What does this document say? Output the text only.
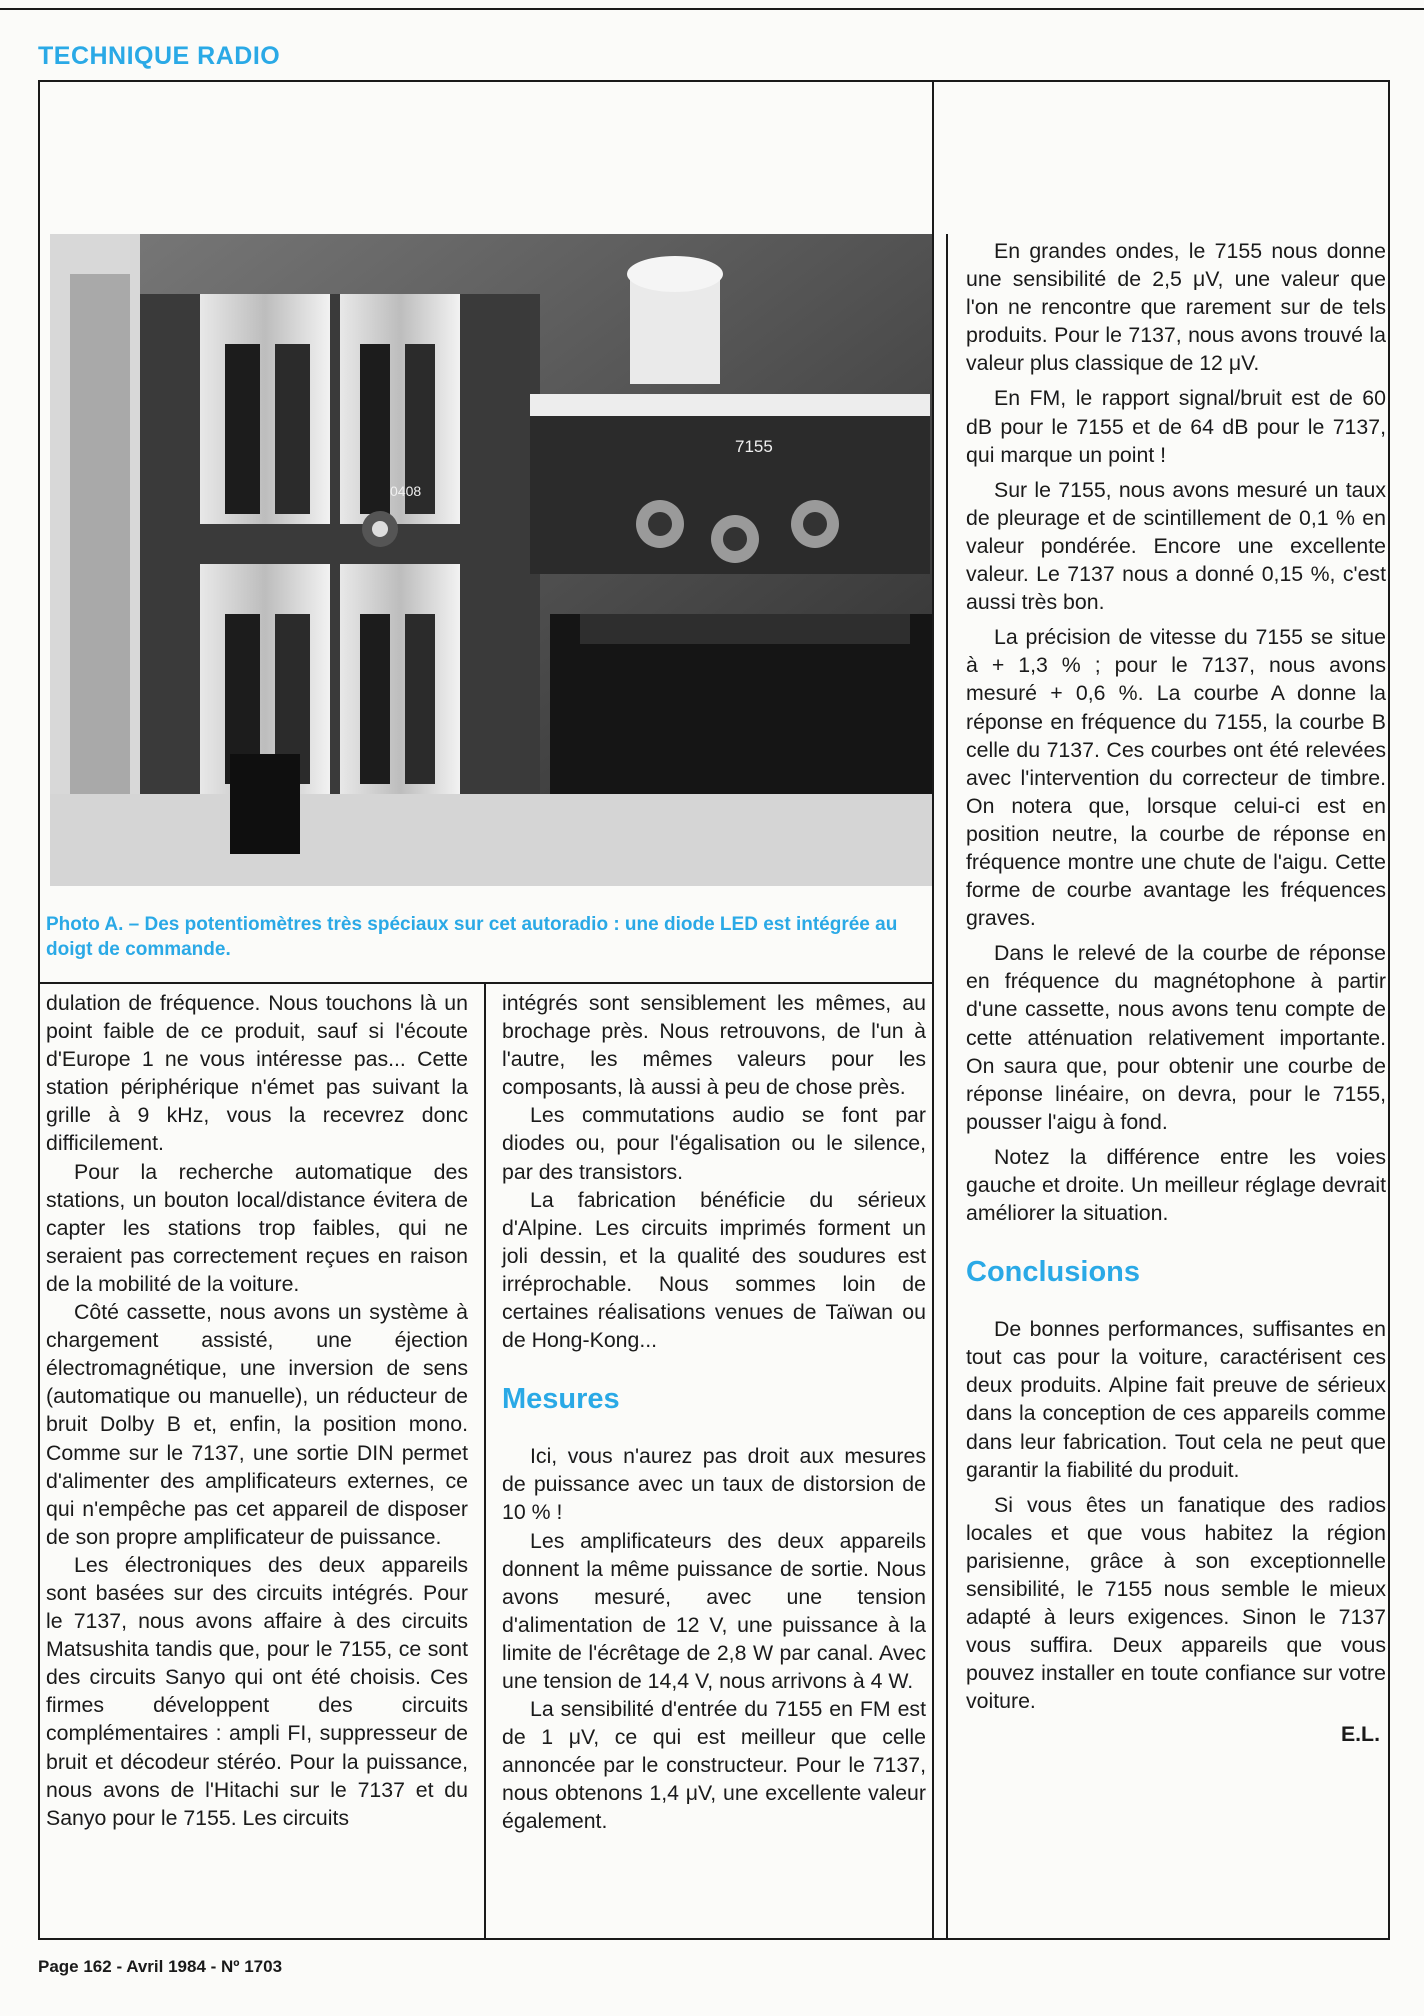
TECHNIQUE RADIO
7155
0408
Photo A. – Des potentiomètres très spéciaux sur cet autoradio : une diode LED est intégrée au doigt de commande.

dulation de fréquence. Nous touchons là un point faible de ce produit, sauf si l'écoute d'Europe 1 ne vous intéresse pas... Cette station périphérique n'émet pas suivant la grille à 9 kHz, vous la recevrez donc difficilement.

Pour la recherche automatique des stations, un bouton local/distance évitera de capter les stations trop faibles, qui ne seraient pas correctement reçues en raison de la mobilité de la voiture.

Côté cassette, nous avons un système à chargement assisté, une éjection électromagnétique, une inversion de sens (automatique ou manuelle), un réducteur de bruit Dolby B et, enfin, la position mono. Comme sur le 7137, une sortie DIN permet d'alimenter des amplificateurs externes, ce qui n'empêche pas cet appareil de disposer de son propre amplificateur de puissance.

Les électroniques des deux appareils sont basées sur des circuits intégrés. Pour le 7137, nous avons affaire à des circuits Matsushita tandis que, pour le 7155, ce sont des circuits Sanyo qui ont été choisis. Ces firmes développent des circuits complémentaires : ampli FI, suppresseur de bruit et décodeur stéréo. Pour la puissance, nous avons de l'Hitachi sur le 7137 et du Sanyo pour le 7155. Les circuits

intégrés sont sensiblement les mêmes, au brochage près. Nous retrouvons, de l'un à l'autre, les mêmes valeurs pour les composants, là aussi à peu de chose près.

Les commutations audio se font par diodes ou, pour l'égalisation ou le silence, par des transistors.

La fabrication bénéficie du sérieux d'Alpine. Les circuits imprimés forment un joli dessin, et la qualité des soudures est irréprochable. Nous sommes loin de certaines réalisations venues de Taïwan ou de Hong-Kong...

Mesures

Ici, vous n'aurez pas droit aux mesures de puissance avec un taux de distorsion de 10 % !

Les amplificateurs des deux appareils donnent la même puissance de sortie. Nous avons mesuré, avec une tension d'alimentation de 12 V, une puissance à la limite de l'écrêtage de 2,8 W par canal. Avec une tension de 14,4 V, nous arrivons à 4 W.

La sensibilité d'entrée du 7155 en FM est de 1 μV, ce qui est meilleur que celle annoncée par le constructeur. Pour le 7137, nous obtenons 1,4 μV, une excellente valeur également.

En grandes ondes, le 7155 nous donne une sensibilité de 2,5 μV, une valeur que l'on ne rencontre que rarement sur de tels produits. Pour le 7137, nous avons trouvé la valeur plus classique de 12 μV.

En FM, le rapport signal/bruit est de 60 dB pour le 7155 et de 64 dB pour le 7137, qui marque un point !

Sur le 7155, nous avons mesuré un taux de pleurage et de scintillement de 0,1 % en valeur pondérée. Encore une excellente valeur. Le 7137 nous a donné 0,15 %, c'est aussi très bon.

La précision de vitesse du 7155 se situe à + 1,3 % ; pour le 7137, nous avons mesuré + 0,6 %. La courbe A donne la réponse en fréquence du 7155, la courbe B celle du 7137. Ces courbes ont été relevées avec l'intervention du correcteur de timbre. On notera que, lorsque celui-ci est en position neutre, la courbe de réponse en fréquence montre une chute de l'aigu. Cette forme de courbe avantage les fréquences graves.

Dans le relevé de la courbe de réponse en fréquence du magnétophone à partir d'une cassette, nous avons tenu compte de cette atténuation relativement importante. On saura que, pour obtenir une courbe de réponse linéaire, on devra, pour le 7155, pousser l'aigu à fond.

Notez la différence entre les voies gauche et droite. Un meilleur réglage devrait améliorer la situation.

Conclusions

De bonnes performances, suffisantes en tout cas pour la voiture, caractérisent ces deux produits. Alpine fait preuve de sérieux dans la conception de ces appareils comme dans leur fabrication. Tout cela ne peut que garantir la fiabilité du produit.

Si vous êtes un fanatique des radios locales et que vous habitez la région parisienne, grâce à son exceptionnelle sensibilité, le 7155 nous semble le mieux adapté à leurs exigences. Sinon le 7137 vous suffira. Deux appareils que vous pouvez installer en toute confiance sur votre voiture.

E.L.

Page 162 - Avril 1984 - Nº 1703
